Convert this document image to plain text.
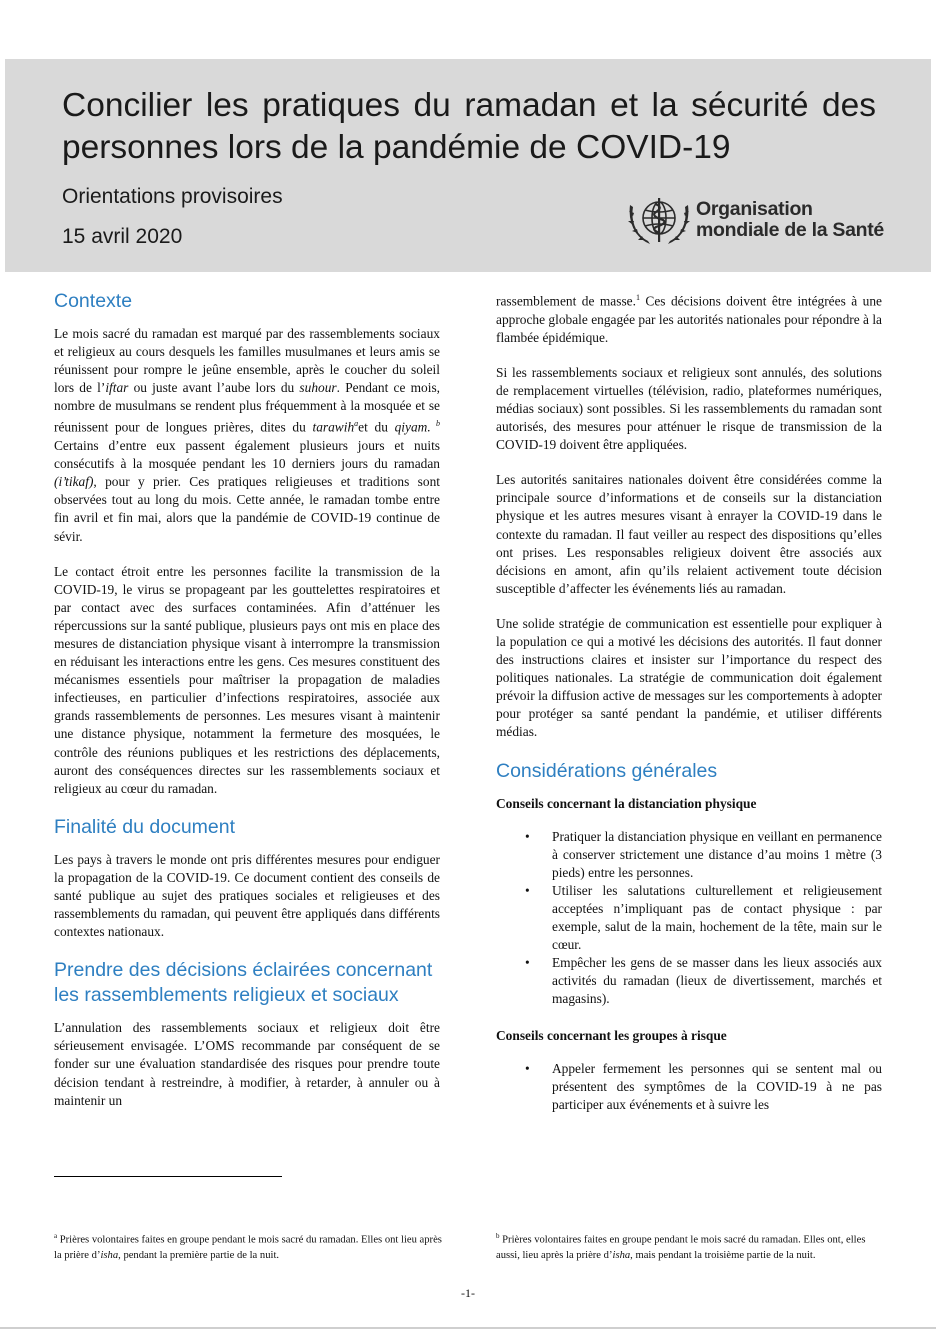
Concilier les pratiques du ramadan et la sécurité des personnes lors de la pandémie de COVID-19
Orientations provisoires
15 avril 2020
Organisation
mondiale de la Santé
Contexte

Le mois sacré du ramadan est marqué par des rassemblements sociaux et religieux au cours desquels les familles musulmanes et leurs amis se réunissent pour rompre le jeûne ensemble, après le coucher du soleil lors de l’iftar ou juste avant l’aube lors du suhour. Pendant ce mois, nombre de musulmans se rendent plus fréquemment à la mosquée et se réunissent pour de longues prières, dites du tarawih$^a$et du qiyam. $^b$ Certains d’entre eux passent également plusieurs jours et nuits consécutifs à la mosquée pendant les 10 derniers jours du ramadan (i’tikaf), pour y prier. Ces pratiques religieuses et traditions sont observées tout au long du mois. Cette année, le ramadan tombe entre fin avril et fin mai, alors que la pandémie de COVID-19 continue de sévir.

Le contact étroit entre les personnes facilite la transmission de la COVID-19, le virus se propageant par les gouttelettes respiratoires et par contact avec des surfaces contaminées. Afin d’atténuer les répercussions sur la santé publique, plusieurs pays ont mis en place des mesures de distanciation physique visant à interrompre la transmission en réduisant les interactions entre les gens. Ces mesures constituent des mécanismes essentiels pour maîtriser la propagation de maladies infectieuses, en particulier d’infections respiratoires, associée aux grands rassemblements de personnes. Les mesures visant à maintenir une distance physique, notamment la fermeture des mosquées, le contrôle des réunions publiques et les restrictions des déplacements, auront des conséquences directes sur les rassemblements sociaux et religieux au cœur du ramadan.

Finalité du document

Les pays à travers le monde ont pris différentes mesures pour endiguer la propagation de la COVID-19. Ce document contient des conseils de santé publique au sujet des pratiques sociales et religieuses et des rassemblements du ramadan, qui peuvent être appliqués dans différents contextes nationaux.

Prendre des décisions éclairées concernant les rassemblements religieux et sociaux

L’annulation des rassemblements sociaux et religieux doit être sérieusement envisagée. L’OMS recommande par conséquent de se fonder sur une évaluation standardisée des risques pour prendre toute décision tendant à restreindre, à modifier, à retarder, à annuler ou à maintenir un

rassemblement de masse.$^1$ Ces décisions doivent être intégrées à une approche globale engagée par les autorités nationales pour répondre à la flambée épidémique.

Si les rassemblements sociaux et religieux sont annulés, des solutions de remplacement virtuelles (télévision, radio, plateformes numériques, médias sociaux) sont possibles. Si les rassemblements du ramadan sont autorisés, des mesures pour atténuer le risque de transmission de la COVID-19 doivent être appliquées.

Les autorités sanitaires nationales doivent être considérées comme la principale source d’informations et de conseils sur la distanciation physique et les autres mesures visant à enrayer la COVID-19 dans le contexte du ramadan. Il faut veiller au respect des dispositions qu’elles ont prises. Les responsables religieux doivent être associés aux décisions en amont, afin qu’ils relaient activement toute décision susceptible d’affecter les événements liés au ramadan.

Une solide stratégie de communication est essentielle pour expliquer à la population ce qui a motivé les décisions des autorités. Il faut donner des instructions claires et insister sur l’importance du respect des politiques nationales. La stratégie de communication doit également prévoir la diffusion active de messages sur les comportements à adopter pour protéger sa santé pendant la pandémie, et utiliser différents médias.

Considérations générales
Conseils concernant la distanciation physique
• Pratiquer la distanciation physique en veillant en permanence à conserver strictement une distance d’au moins 1 mètre (3 pieds) entre les personnes.
• Utiliser les salutations culturellement et religieusement acceptées n’impliquant pas de contact physique : par exemple, salut de la main, hochement de la tête, main sur le cœur.
• Empêcher les gens de se masser dans les lieux associés aux activités du ramadan (lieux de divertissement, marchés et magasins).
Conseils concernant les groupes à risque
• Appeler fermement les personnes qui se sentent mal ou présentent des symptômes de la COVID-19 à ne pas participer aux événements et à suivre les
$^a$ Prières volontaires faites en groupe pendant le mois sacré du ramadan. Elles ont lieu après la prière d’isha, pendant la première partie de la nuit.
$^b$ Prières volontaires faites en groupe pendant le mois sacré du ramadan. Elles ont, elles aussi, lieu après la prière d’isha, mais pendant la troisième partie de la nuit.
-1-
